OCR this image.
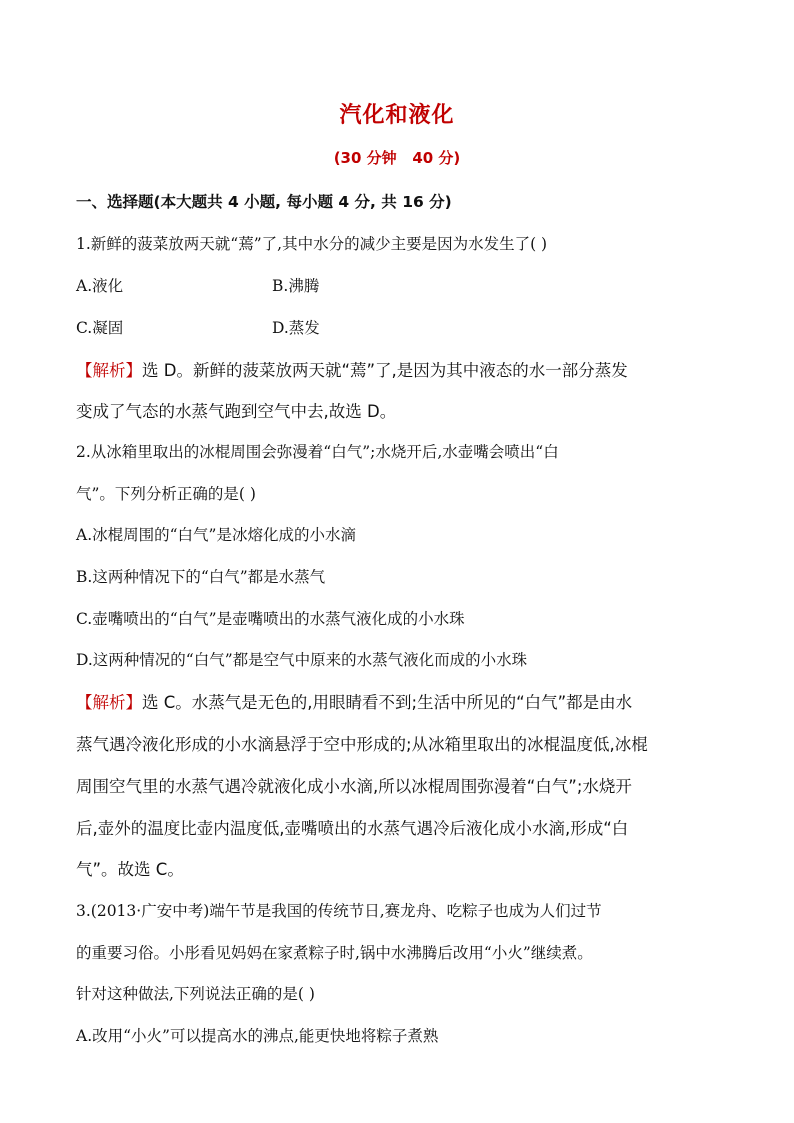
汽化和液化
(30 分钟   40 分)
一、选择题(本大题共 4 小题, 每小题 4 分, 共 16 分)
1.新鲜的菠菜放两天就“蔫”了,其中水分的减少主要是因为水发生了( )
A.液化	B.沸腾
C.凝固	D.蒸发
【解析】选 D。新鲜的菠菜放两天就“蔫”了,是因为其中液态的水一部分蒸发
变成了气态的水蒸气跑到空气中去,故选 D。
2.从冰箱里取出的冰棍周围会弥漫着“白气”;水烧开后,水壶嘴会喷出“白
气”。下列分析正确的是( )
A.冰棍周围的“白气”是冰熔化成的小水滴
B.这两种情况下的“白气”都是水蒸气
C.壶嘴喷出的“白气”是壶嘴喷出的水蒸气液化成的小水珠
D.这两种情况的“白气”都是空气中原来的水蒸气液化而成的小水珠
【解析】选 C。水蒸气是无色的,用眼睛看不到;生活中所见的“白气”都是由水
蒸气遇冷液化形成的小水滴悬浮于空中形成的;从冰箱里取出的冰棍温度低,冰棍
周围空气里的水蒸气遇冷就液化成小水滴,所以冰棍周围弥漫着“白气”;水烧开
后,壶外的温度比壶内温度低,壶嘴喷出的水蒸气遇冷后液化成小水滴,形成“白
气”。故选 C。
3.(2013·广安中考)端午节是我国的传统节日,赛龙舟、吃粽子也成为人们过节
的重要习俗。小彤看见妈妈在家煮粽子时,锅中水沸腾后改用“小火”继续煮。
针对这种做法,下列说法正确的是( )
A.改用“小火”可以提高水的沸点,能更快地将粽子煮熟
